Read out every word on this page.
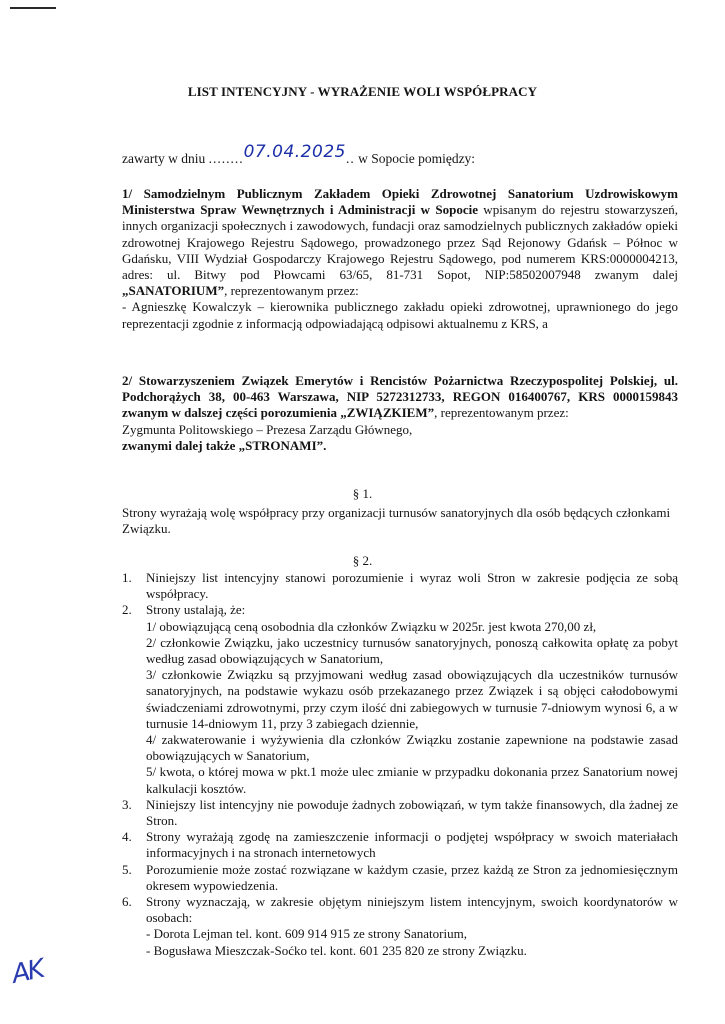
LIST INTENCYJNY - WYRAŻENIE WOLI WSPÓŁPRACY
zawarty w dniu ........07.04.2025.. w Sopocie pomiędzy:
1/ Samodzielnym Publicznym Zakładem Opieki Zdrowotnej Sanatorium Uzdrowiskowym Ministerstwa Spraw Wewnętrznych i Administracji w Sopocie wpisanym do rejestru stowarzyszeń, innych organizacji społecznych i zawodowych, fundacji oraz samodzielnych publicznych zakładów opieki zdrowotnej Krajowego Rejestru Sądowego, prowadzonego przez Sąd Rejonowy Gdańsk – Północ w Gdańsku, VIII Wydział Gospodarczy Krajowego Rejestru Sądowego, pod numerem KRS:0000004213, adres: ul. Bitwy pod Płowcami 63/65, 81-731 Sopot, NIP:58502007948 zwanym dalej „SANATORIUM”, reprezentowanym przez:
- Agnieszkę Kowalczyk – kierownika publicznego zakładu opieki zdrowotnej, uprawnionego do jego reprezentacji zgodnie z informacją odpowiadającą odpisowi aktualnemu z KRS, a
2/ Stowarzyszeniem Związek Emerytów i Rencistów Pożarnictwa Rzeczypospolitej Polskiej, ul. Podchorążych 38, 00-463 Warszawa, NIP 5272312733, REGON 016400767, KRS 0000159843 zwanym w dalszej części porozumienia „ZWIĄZKIEM”, reprezentowanym przez:
Zygmunta Politowskiego – Prezesa Zarządu Głównego,
zwanymi dalej także „STRONAMI”.
§ 1.
Strony wyrażają wolę współpracy przy organizacji turnusów sanatoryjnych dla osób będących członkami Związku.
§ 2.
1. Niniejszy list intencyjny stanowi porozumienie i wyraz woli Stron w zakresie podjęcia ze sobą współpracy.
2. Strony ustalają, że:
1/ obowiązującą ceną osobodnia dla członków Związku w 2025r. jest kwota 270,00 zł,
2/ członkowie Związku, jako uczestnicy turnusów sanatoryjnych, ponoszą całkowita opłatę za pobyt według zasad obowiązujących w Sanatorium,
3/ członkowie Związku są przyjmowani według zasad obowiązujących dla uczestników turnusów sanatoryjnych, na podstawie wykazu osób przekazanego przez Związek i są objęci całodobowymi świadczeniami zdrowotnymi, przy czym ilość dni zabiegowych w turnusie 7-dniowym wynosi 6, a w turnusie 14-dniowym 11, przy 3 zabiegach dziennie,
4/ zakwaterowanie i wyżywienia dla członków Związku zostanie zapewnione na podstawie zasad obowiązujących w Sanatorium,
5/ kwota, o której mowa w pkt.1 może ulec zmianie w przypadku dokonania przez Sanatorium nowej kalkulacji kosztów.
3. Niniejszy list intencyjny nie powoduje żadnych zobowiązań, w tym także finansowych, dla żadnej ze Stron.
4. Strony wyrażają zgodę na zamieszczenie informacji o podjętej współpracy w swoich materiałach informacyjnych i na stronach internetowych
5. Porozumienie może zostać rozwiązane w każdym czasie, przez każdą ze Stron za jednomiesięcznym okresem wypowiedzenia.
6. Strony wyznaczają, w zakresie objętym niniejszym listem intencyjnym, swoich koordynatorów w osobach:
- Dorota Lejman tel. kont. 609 914 915 ze strony Sanatorium,
- Bogusława Mieszczak-Soćko tel. kont. 601 235 820 ze strony Związku.
AK
